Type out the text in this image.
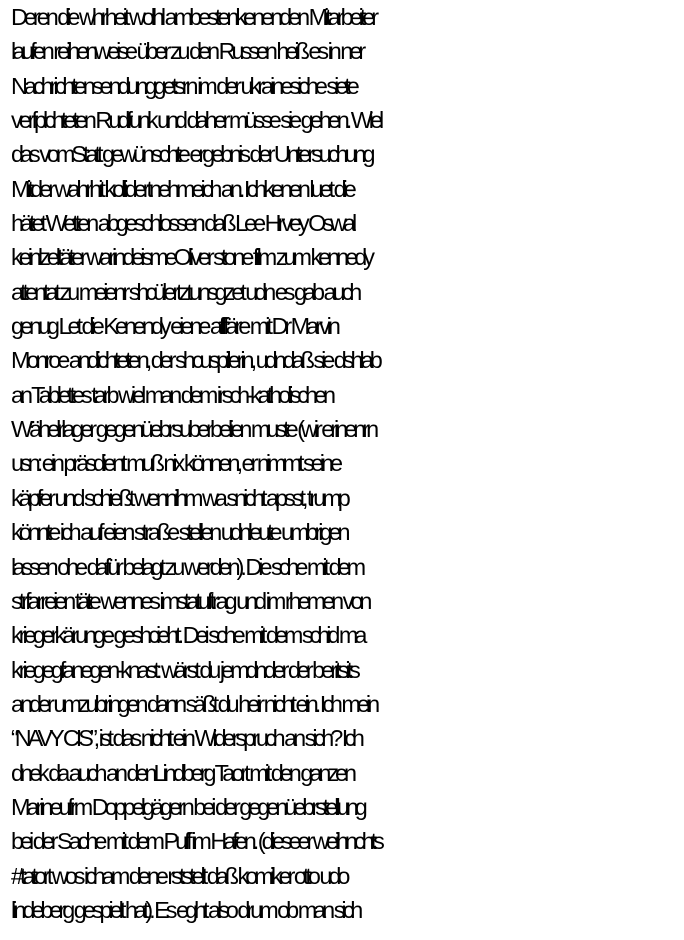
Deren die whrheit wolhl ambestenkenenden Mitarbeiter
laufen reihenweise über zu den Russen heiß es in ner
Nachrichtensendunggetsrn im der ukrainesiche siete
verfplchteten Rudfunk und daher müsse sie gehen. Wiel
das vomStatt gewünschte ergebnis der Untersuchung
Mitder wahrhit kollidertnehmeich an. Ichkenen luet die
hätet Wetten abgeschlossen daß Lee Hrvey Oswal
keinlzeltäter warindeismeOliver stone film zum kennedy
attentat zu meienr shcülertztunsgzet udn es gab auch
genug Let die Kenendy eiene afffäre mit Dr Marvin
Monroe andichteten, der shcuspilerin, udndaß sie dshlab
an Tablettes tarb wiel man dem irsch-katholischen
Wähelrlager gegenüebrsuberbelien muste (wir erinenrn
usn: ein präsdient muß nix können, er nimmt seine
käpfer und schießt wennihm wa snicht apsst, trump
könnte ich auf eien straße stellen udnleute umbrigen
lassen ohe dafür belagt zu werden). Die sche mit dem
strfarreien täte wennes imstatuftrag und im rhemen von
kriegerkärunge geshcieht. Dei sche mit dem schid ma
kriegegfanegen-knast: wärst du jemdnder der beritsits
ander umzubringen dann säßt du heir nicht ein. Ich mein
“NAVY CIS”, ist das nicht ein Widerspruch an sich? Ich
dnek da auch an denLindberg Taort mit den ganzen
Marineufrm Doppelgägern bei der gegenüebrstellung
bei der Sache mit dem Puff im Hafen. (dieseer weihnchts
#tatort wos icham dene rststelt daß komiker otto udo
lindeberg gespielt hat). Es eght also drum ob man sich
